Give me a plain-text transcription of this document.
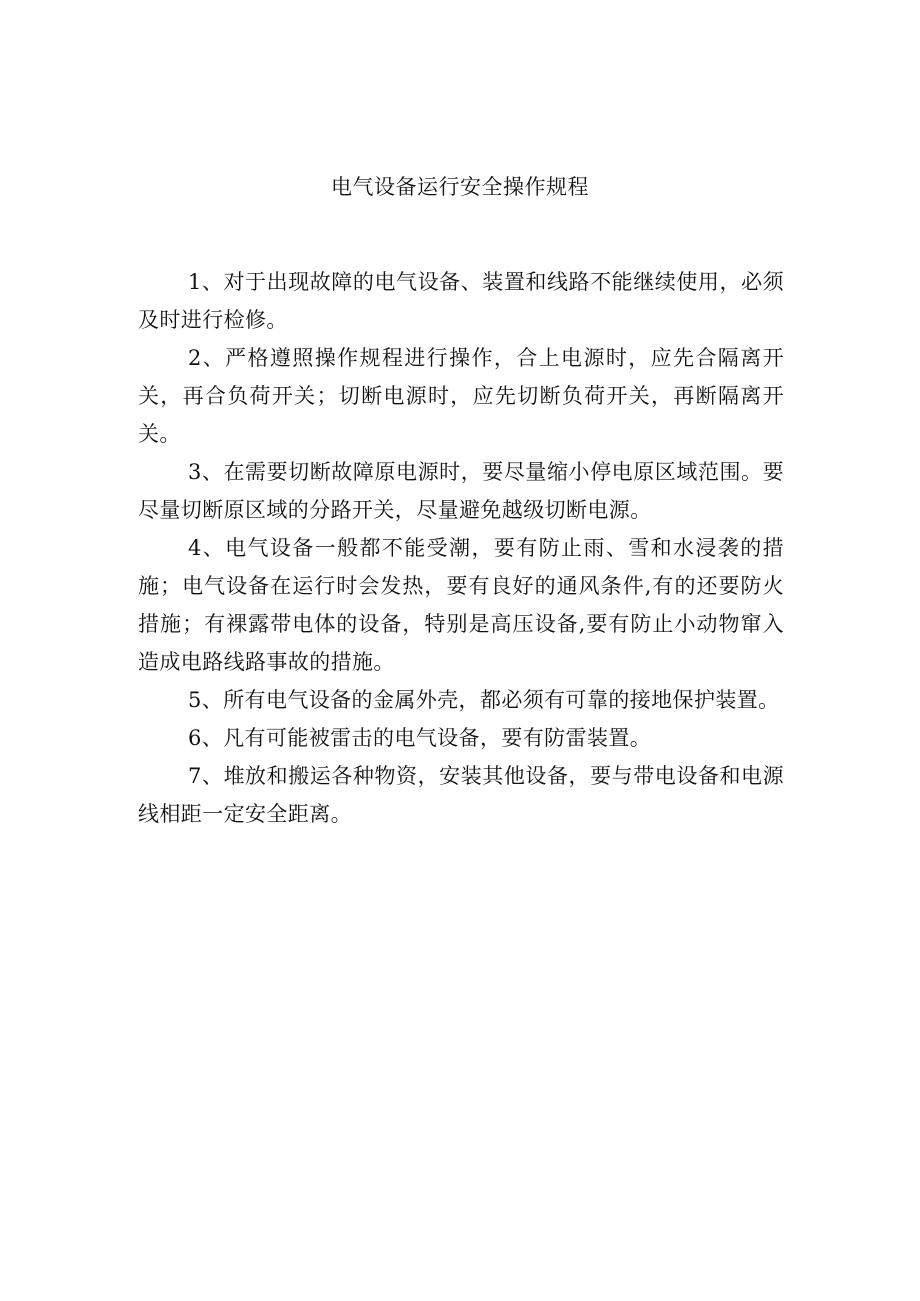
电气设备运行安全操作规程

1、对于出现故障的电气设备、装置和线路不能继续使用，必须及时进行检修。

2、严格遵照操作规程进行操作，合上电源时，应先合隔离开关，再合负荷开关；切断电源时，应先切断负荷开关，再断隔离开关。

3、在需要切断故障原电源时，要尽量缩小停电原区域范围。要尽量切断原区域的分路开关，尽量避免越级切断电源。

4、电气设备一般都不能受潮，要有防止雨、雪和水浸袭的措施；电气设备在运行时会发热，要有良好的通风条件,有的还要防火措施；有裸露带电体的设备，特别是高压设备,要有防止小动物窜入造成电路线路事故的措施。

5、所有电气设备的金属外壳，都必须有可靠的接地保护装置。

6、凡有可能被雷击的电气设备，要有防雷装置。

7、堆放和搬运各种物资，安装其他设备，要与带电设备和电源线相距一定安全距离。
